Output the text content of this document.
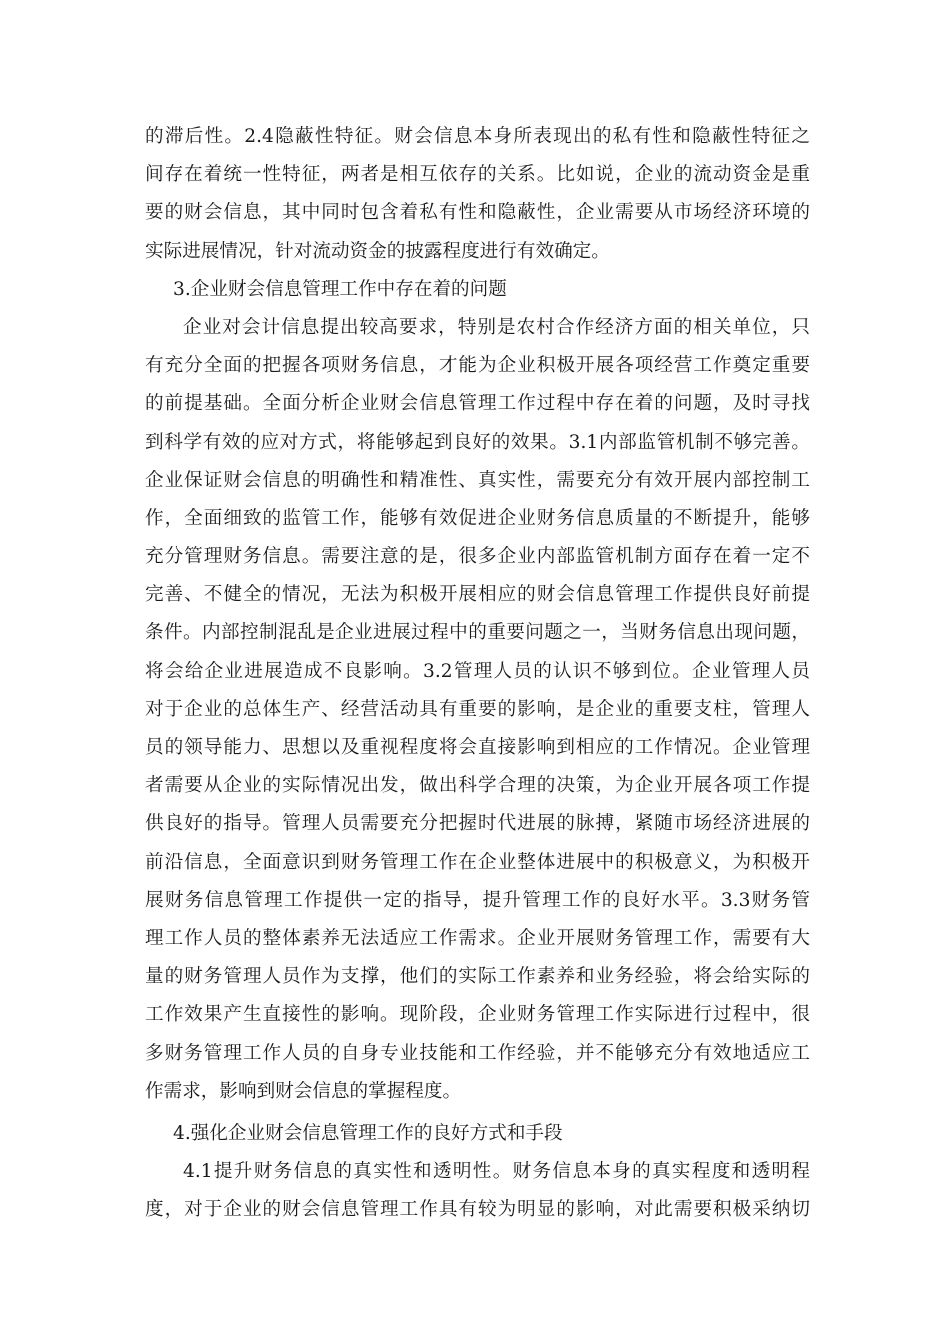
的滞后性。2.4隐蔽性特征。财会信息本身所表现出的私有性和隐蔽性特征之
间存在着统一性特征，两者是相互依存的关系。比如说，企业的流动资金是重
要的财会信息，其中同时包含着私有性和隐蔽性，企业需要从市场经济环境的
实际进展情况，针对流动资金的披露程度进行有效确定。
3.企业财会信息管理工作中存在着的问题
企业对会计信息提出较高要求，特别是农村合作经济方面的相关单位，只
有充分全面的把握各项财务信息，才能为企业积极开展各项经营工作奠定重要
的前提基础。全面分析企业财会信息管理工作过程中存在着的问题，及时寻找
到科学有效的应对方式，将能够起到良好的效果。3.1内部监管机制不够完善。
企业保证财会信息的明确性和精准性、真实性，需要充分有效开展内部控制工
作，全面细致的监管工作，能够有效促进企业财务信息质量的不断提升，能够
充分管理财务信息。需要注意的是，很多企业内部监管机制方面存在着一定不
完善、不健全的情况，无法为积极开展相应的财会信息管理工作提供良好前提
条件。内部控制混乱是企业进展过程中的重要问题之一，当财务信息出现问题，
将会给企业进展造成不良影响。3.2管理人员的认识不够到位。企业管理人员
对于企业的总体生产、经营活动具有重要的影响，是企业的重要支柱，管理人
员的领导能力、思想以及重视程度将会直接影响到相应的工作情况。企业管理
者需要从企业的实际情况出发，做出科学合理的决策，为企业开展各项工作提
供良好的指导。管理人员需要充分把握时代进展的脉搏，紧随市场经济进展的
前沿信息，全面意识到财务管理工作在企业整体进展中的积极意义，为积极开
展财务信息管理工作提供一定的指导，提升管理工作的良好水平。3.3财务管
理工作人员的整体素养无法适应工作需求。企业开展财务管理工作，需要有大
量的财务管理人员作为支撑，他们的实际工作素养和业务经验，将会给实际的
工作效果产生直接性的影响。现阶段，企业财务管理工作实际进行过程中，很
多财务管理工作人员的自身专业技能和工作经验，并不能够充分有效地适应工
作需求，影响到财会信息的掌握程度。
4.强化企业财会信息管理工作的良好方式和手段
4.1提升财务信息的真实性和透明性。财务信息本身的真实程度和透明程
度，对于企业的财会信息管理工作具有较为明显的影响，对此需要积极采纳切
